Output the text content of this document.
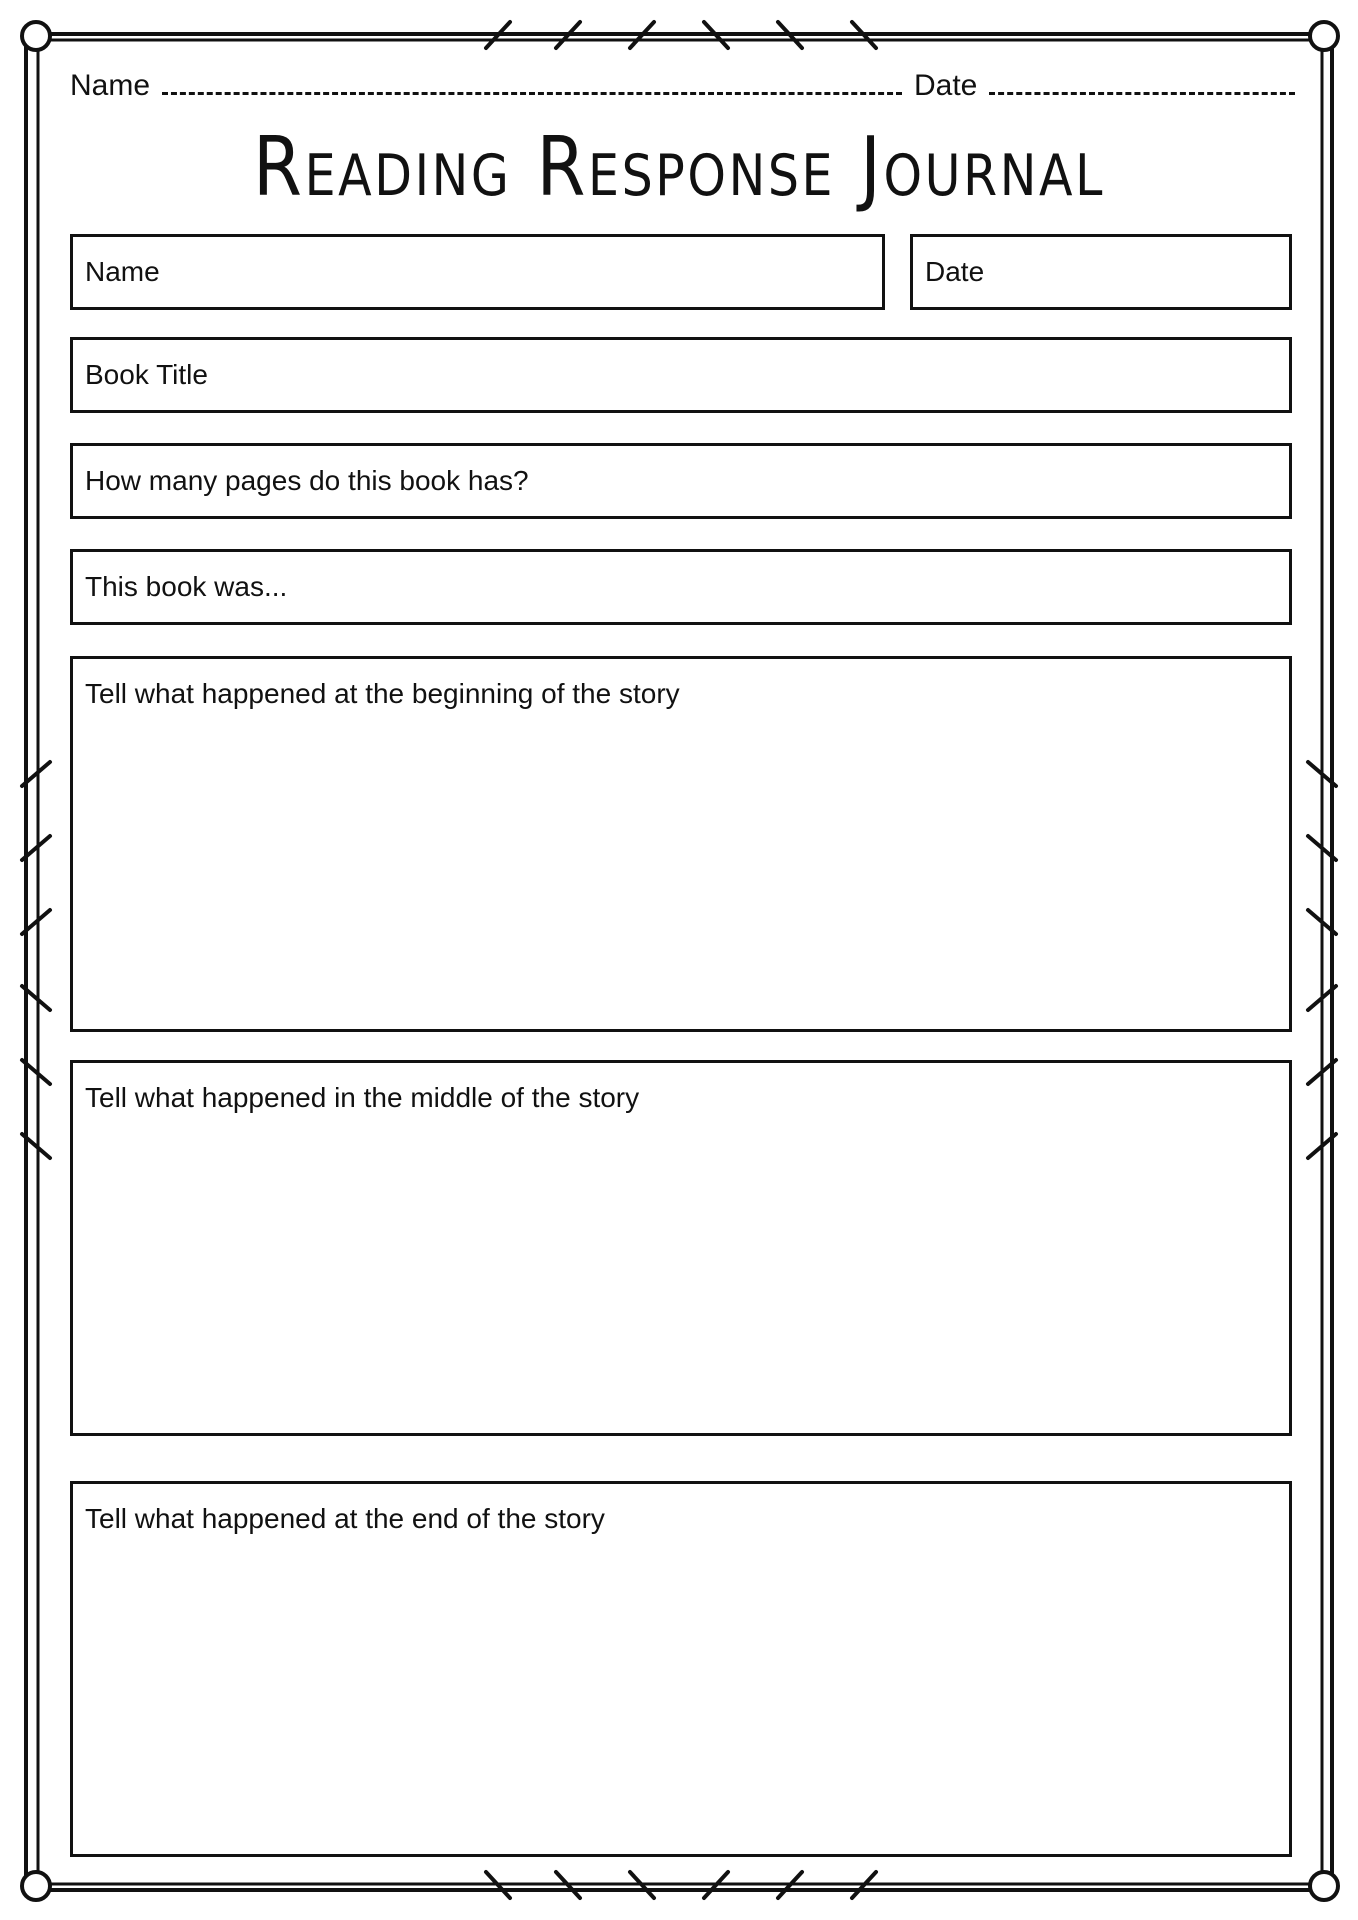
Name	Date
Reading Response Journal
Name	Date
Book Title
How many pages do this book has?
This book was...
Tell what happened at the beginning of the story
Tell what happened in the middle of the story
Tell what happened at the end of the story
